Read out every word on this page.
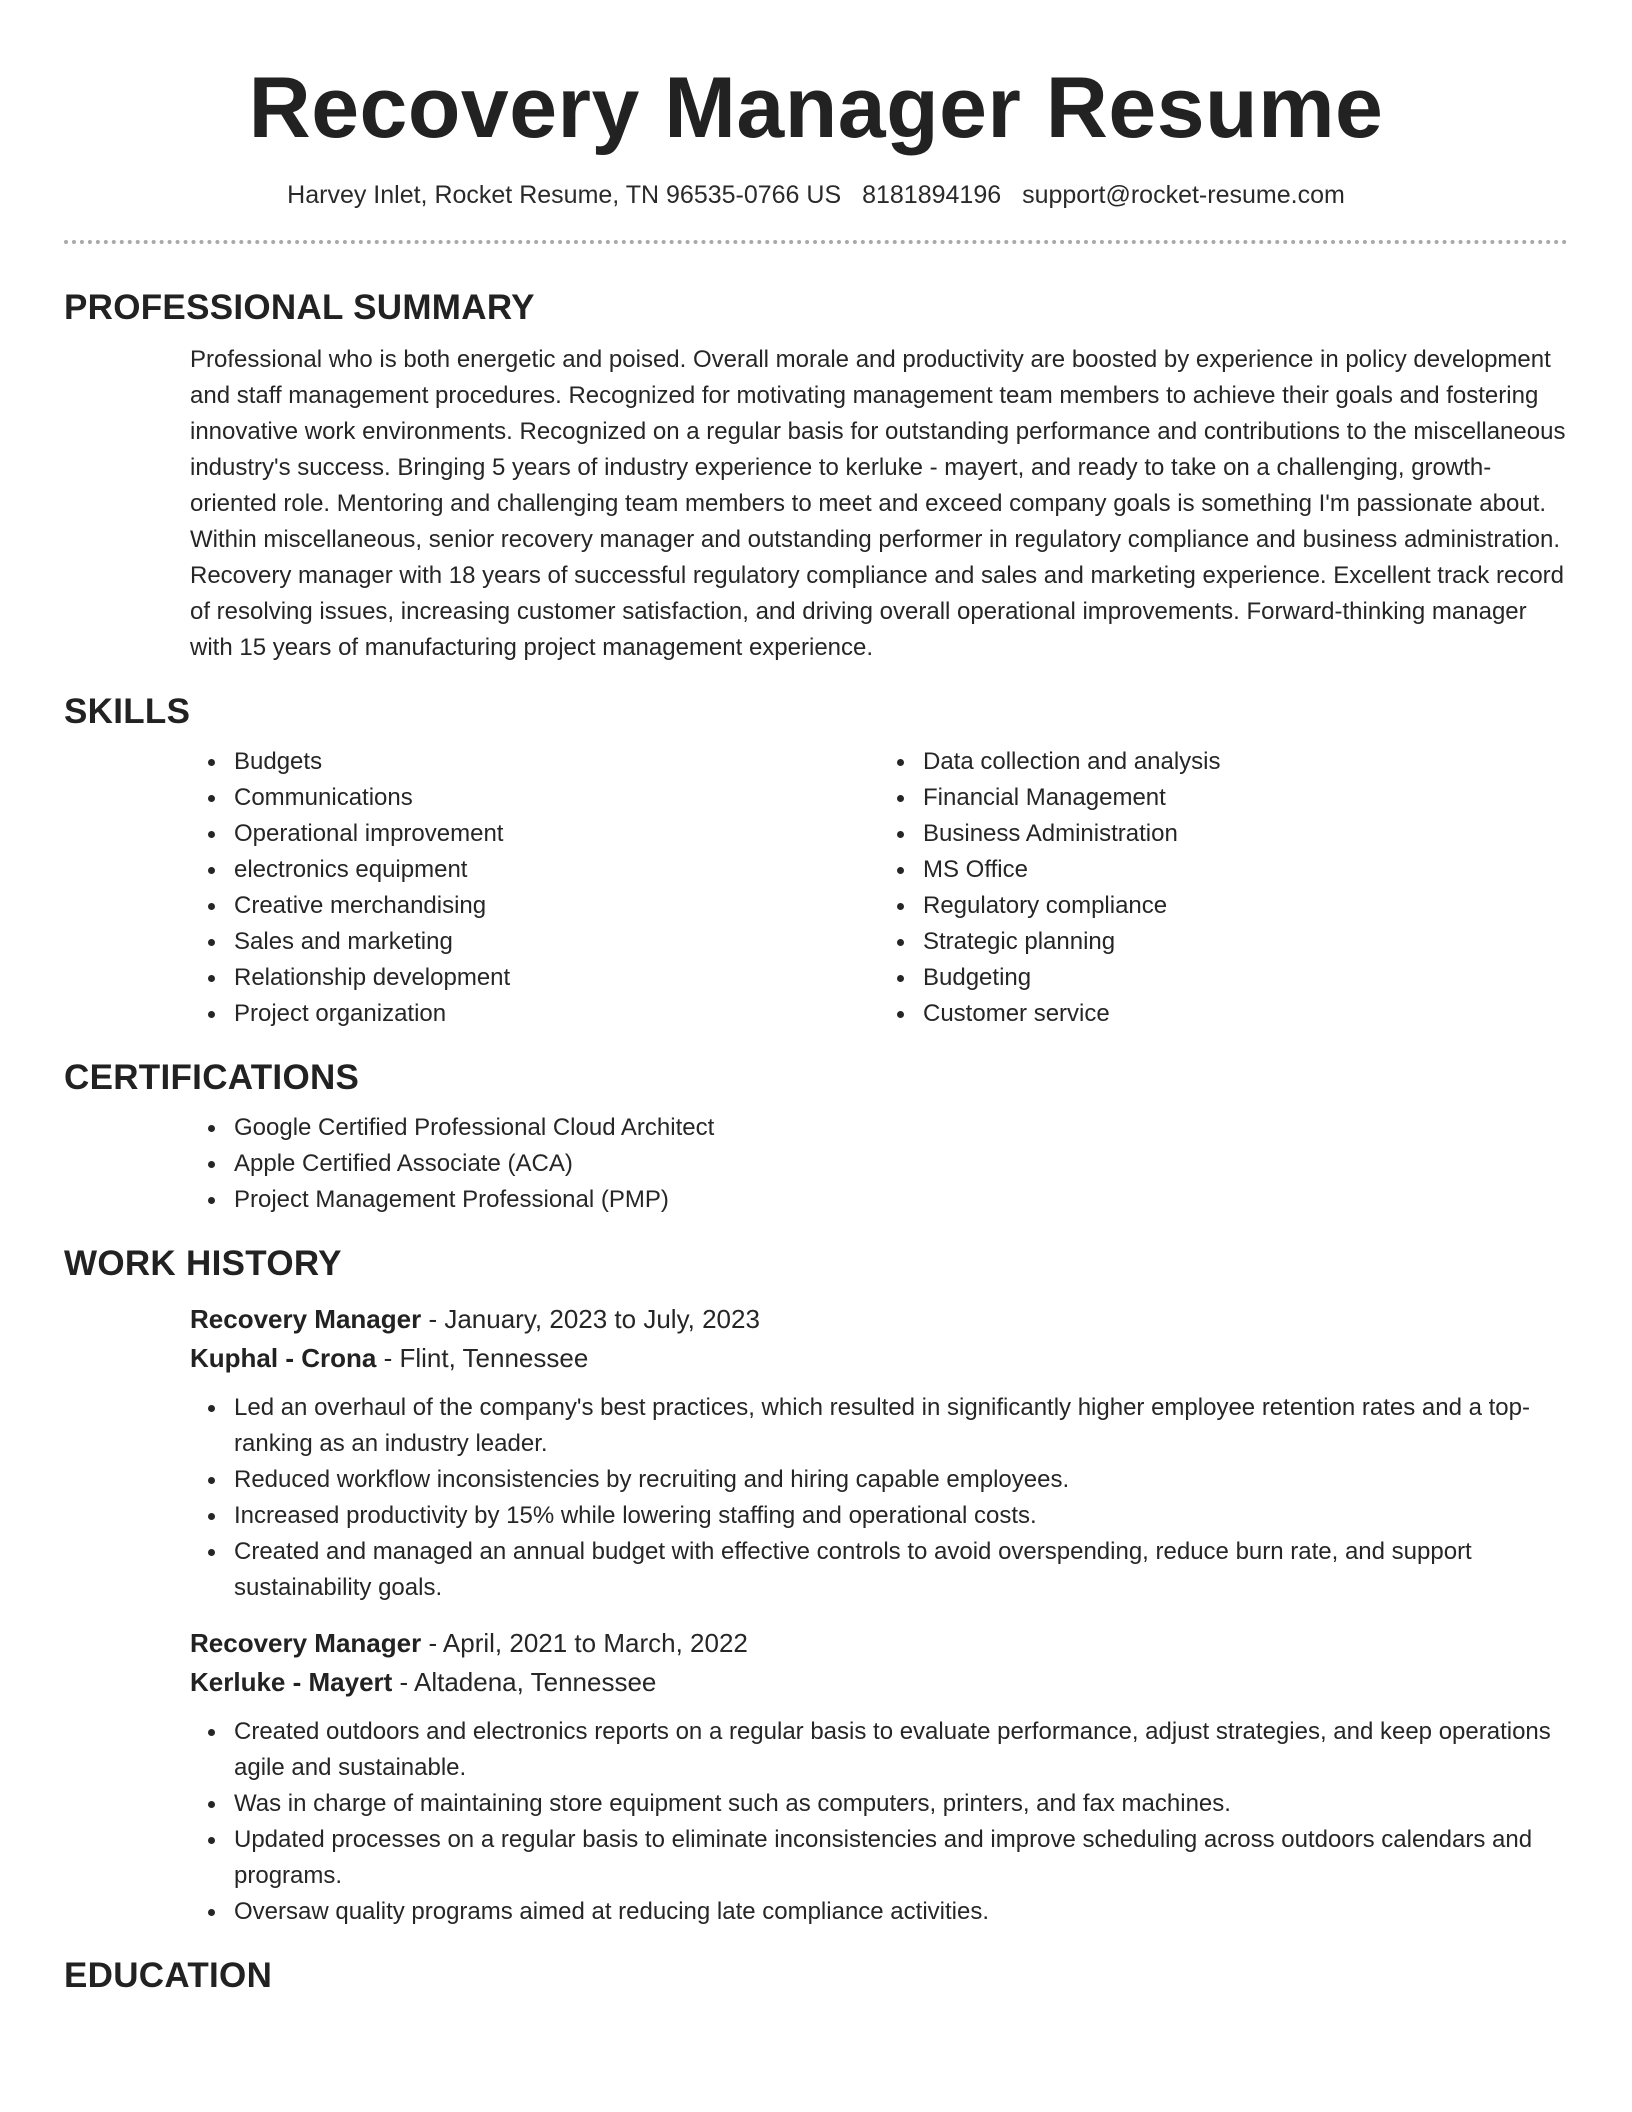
Recovery Manager Resume
Harvey Inlet, Rocket Resume, TN 96535-0766 US 8181894196 support@rocket-resume.com
PROFESSIONAL SUMMARY
Professional who is both energetic and poised. Overall morale and productivity are boosted by experience in policy development and staff management procedures. Recognized for motivating management team members to achieve their goals and fostering innovative work environments. Recognized on a regular basis for outstanding performance and contributions to the miscellaneous industry's success. Bringing 5 years of industry experience to kerluke - mayert, and ready to take on a challenging, growth-oriented role. Mentoring and challenging team members to meet and exceed company goals is something I'm passionate about. Within miscellaneous, senior recovery manager and outstanding performer in regulatory compliance and business administration. Recovery manager with 18 years of successful regulatory compliance and sales and marketing experience. Excellent track record of resolving issues, increasing customer satisfaction, and driving overall operational improvements. Forward-thinking manager with 15 years of manufacturing project management experience.
SKILLS
Budgets
Communications
Operational improvement
electronics equipment
Creative merchandising
Sales and marketing
Relationship development
Project organization
Data collection and analysis
Financial Management
Business Administration
MS Office
Regulatory compliance
Strategic planning
Budgeting
Customer service
CERTIFICATIONS
Google Certified Professional Cloud Architect
Apple Certified Associate (ACA)
Project Management Professional (PMP)
WORK HISTORY
Recovery Manager - January, 2023 to July, 2023
Kuphal - Crona - Flint, Tennessee
Led an overhaul of the company's best practices, which resulted in significantly higher employee retention rates and a top-ranking as an industry leader.
Reduced workflow inconsistencies by recruiting and hiring capable employees.
Increased productivity by 15% while lowering staffing and operational costs.
Created and managed an annual budget with effective controls to avoid overspending, reduce burn rate, and support sustainability goals.
Recovery Manager - April, 2021 to March, 2022
Kerluke - Mayert - Altadena, Tennessee
Created outdoors and electronics reports on a regular basis to evaluate performance, adjust strategies, and keep operations agile and sustainable.
Was in charge of maintaining store equipment such as computers, printers, and fax machines.
Updated processes on a regular basis to eliminate inconsistencies and improve scheduling across outdoors calendars and programs.
Oversaw quality programs aimed at reducing late compliance activities.
EDUCATION
